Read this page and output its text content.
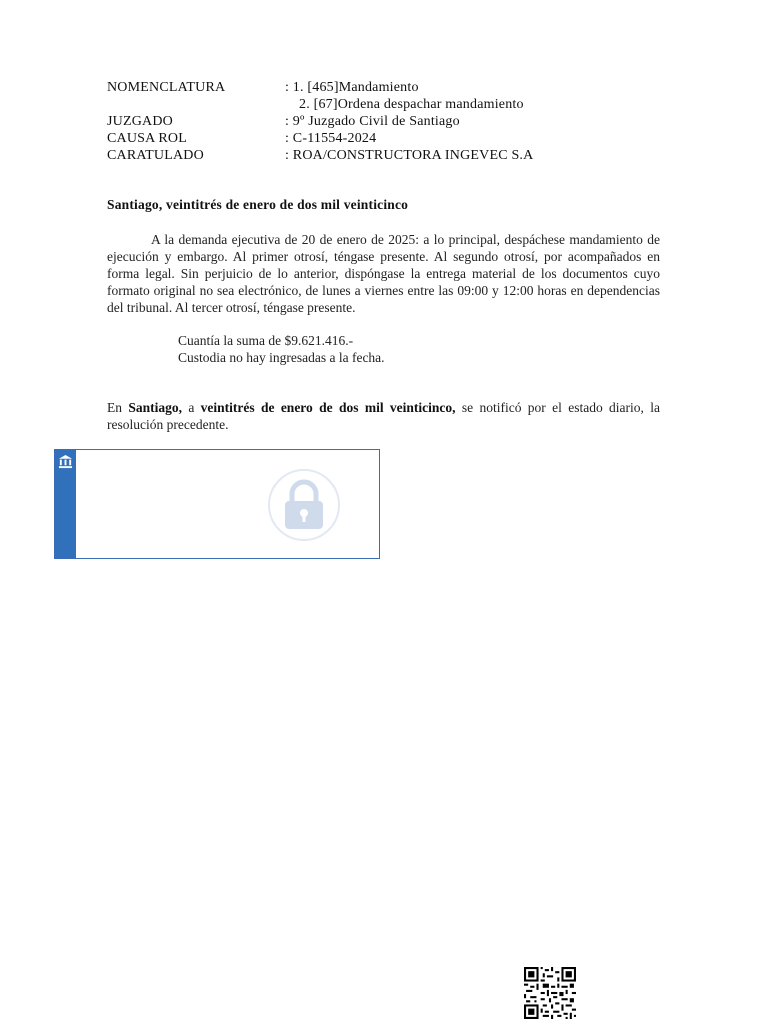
NOMENCLATURA	: 1. [465]Mandamiento
2. [67]Ordena despachar mandamiento
JUZGADO	: 9º Juzgado Civil de Santiago
CAUSA ROL	: C-11554-2024
CARATULADO	: ROA/CONSTRUCTORA INGEVEC S.A
Santiago, veintitrés de enero de dos mil veinticinco

A la demanda ejecutiva de 20 de enero de 2025: a lo principal, despáchese mandamiento de ejecución y embargo. Al primer otrosí, téngase presente. Al segundo otrosí, por acompañados en forma legal. Sin perjuicio de lo anterior, dispóngase la entrega material de los documentos cuyo formato original no sea electrónico, de lunes a viernes entre las 09:00 y 12:00 horas en dependencias del tribunal. Al tercer otrosí, téngase presente.

Cuantía la suma de $9.621.416.-
Custodia no hay ingresadas a la fecha.
En Santiago, a veintitrés de enero de dos mil veinticinco, se notificó por el estado diario, la resolución precedente.
